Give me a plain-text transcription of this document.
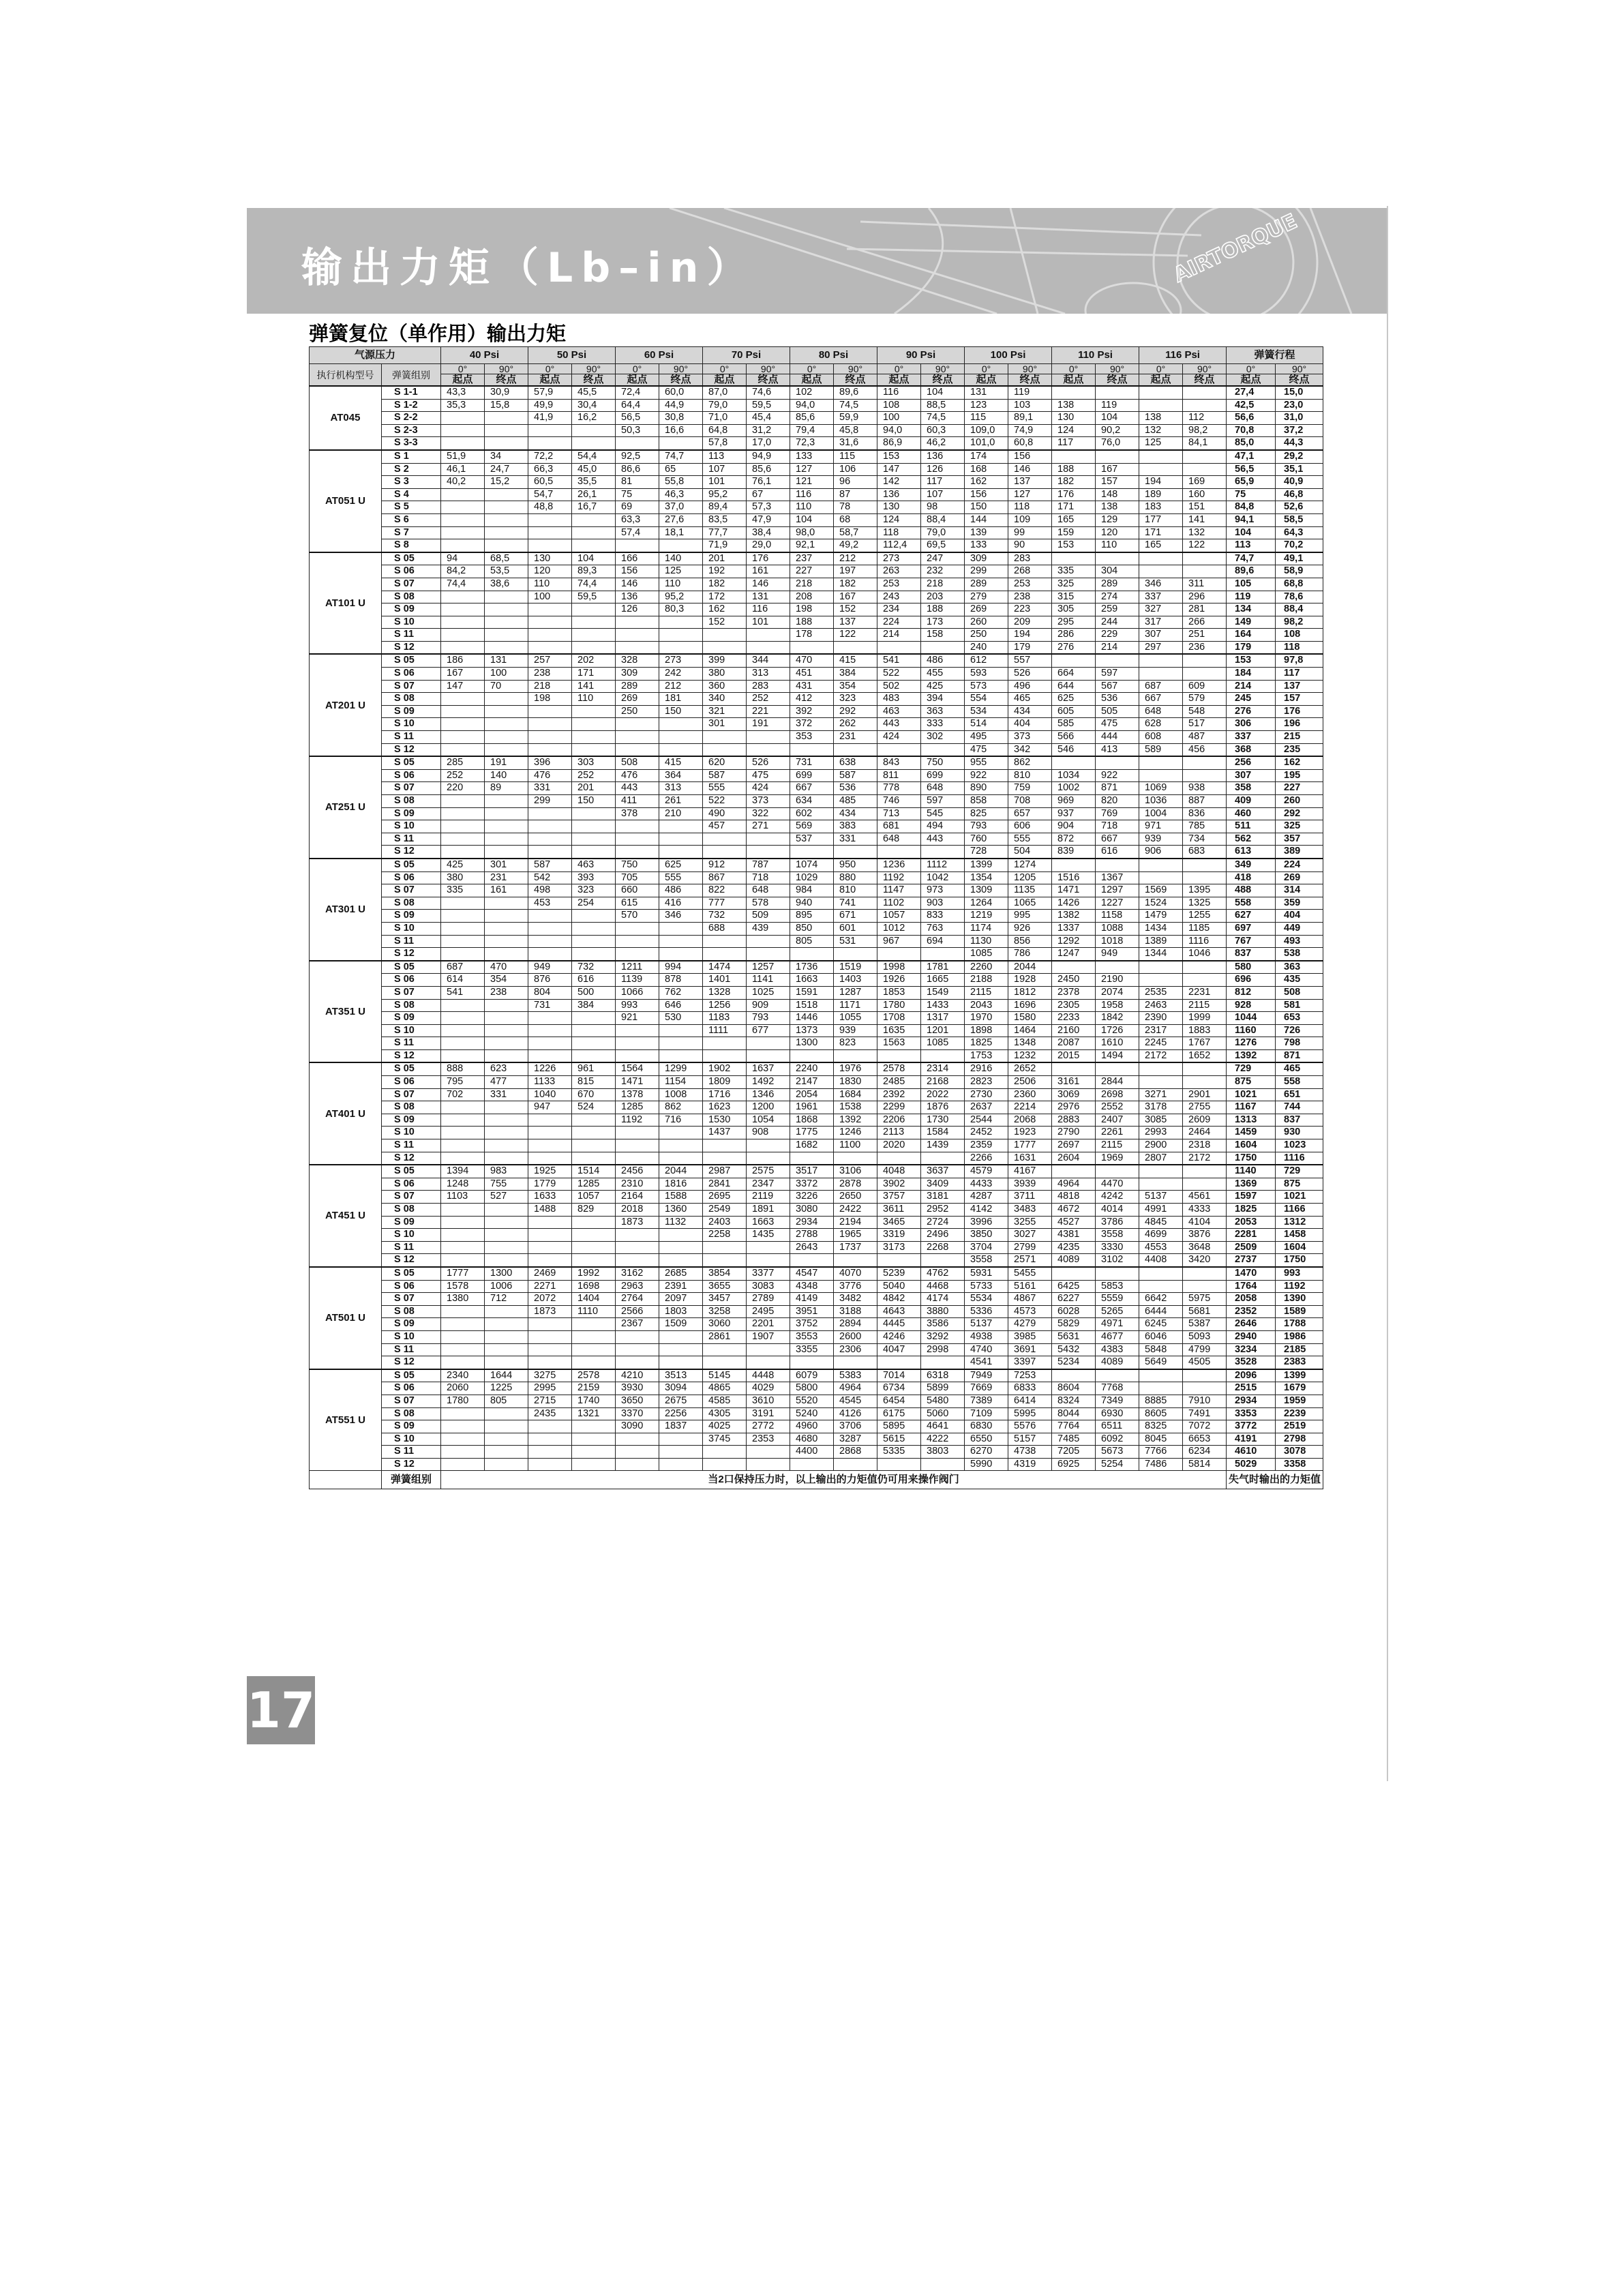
AIRTORQUE
输出力矩（Lb–in）
弹簧复位（单作用）输出力矩
气源压力		40 Psi		50 Psi		60 Psi		70 Psi		80 Psi		90 Psi		100 Psi		110 Psi		116 Psi		弹簧行程	
执行机构型号	弹簧组别	0°	90°	0°	90°	0°	90°	0°	90°	0°	90°	0°	90°	0°	90°	0°	90°	0°	90°	0°	90°
		起点	终点	起点	终点	起点	终点	起点	终点	起点	终点	起点	终点	起点	终点	起点	终点	起点	终点	起点	终点
AT045	S 1-1	43,3	30,9	57,9	45,5	72,4	60,0	87,0	74,6	102	89,6	116	104	131	119					27,4	15,0
	S 1-2	35,3	15,8	49,9	30,4	64,4	44,9	79,0	59,5	94,0	74,5	108	88,5	123	103	138	119			42,5	23,0
	S 2-2			41,9	16,2	56,5	30,8	71,0	45,4	85,6	59,9	100	74,5	115	89,1	130	104	138	112	56,6	31,0
	S 2-3					50,3	16,6	64,8	31,2	79,4	45,8	94,0	60,3	109,0	74,9	124	90,2	132	98,2	70,8	37,2
	S 3-3							57,8	17,0	72,3	31,6	86,9	46,2	101,0	60,8	117	76,0	125	84,1	85,0	44,3
AT051 U	S 1	51,9	34	72,2	54,4	92,5	74,7	113	94,9	133	115	153	136	174	156					47,1	29,2
	S 2	46,1	24,7	66,3	45,0	86,6	65	107	85,6	127	106	147	126	168	146	188	167			56,5	35,1
	S 3	40,2	15,2	60,5	35,5	81	55,8	101	76,1	121	96	142	117	162	137	182	157	194	169	65,9	40,9
	S 4			54,7	26,1	75	46,3	95,2	67	116	87	136	107	156	127	176	148	189	160	75	46,8
	S 5			48,8	16,7	69	37,0	89,4	57,3	110	78	130	98	150	118	171	138	183	151	84,8	52,6
	S 6					63,3	27,6	83,5	47,9	104	68	124	88,4	144	109	165	129	177	141	94,1	58,5
	S 7					57,4	18,1	77,7	38,4	98,0	58,7	118	79,0	139	99	159	120	171	132	104	64,3
	S 8							71,9	29,0	92,1	49,2	112,4	69,5	133	90	153	110	165	122	113	70,2
AT101 U	S 05	94	68,5	130	104	166	140	201	176	237	212	273	247	309	283					74,7	49,1
	S 06	84,2	53,5	120	89,3	156	125	192	161	227	197	263	232	299	268	335	304			89,6	58,9
	S 07	74,4	38,6	110	74,4	146	110	182	146	218	182	253	218	289	253	325	289	346	311	105	68,8
	S 08			100	59,5	136	95,2	172	131	208	167	243	203	279	238	315	274	337	296	119	78,6
	S 09					126	80,3	162	116	198	152	234	188	269	223	305	259	327	281	134	88,4
	S 10							152	101	188	137	224	173	260	209	295	244	317	266	149	98,2
	S 11									178	122	214	158	250	194	286	229	307	251	164	108
	S 12													240	179	276	214	297	236	179	118
AT201 U	S 05	186	131	257	202	328	273	399	344	470	415	541	486	612	557					153	97,8
	S 06	167	100	238	171	309	242	380	313	451	384	522	455	593	526	664	597			184	117
	S 07	147	70	218	141	289	212	360	283	431	354	502	425	573	496	644	567	687	609	214	137
	S 08			198	110	269	181	340	252	412	323	483	394	554	465	625	536	667	579	245	157
	S 09					250	150	321	221	392	292	463	363	534	434	605	505	648	548	276	176
	S 10							301	191	372	262	443	333	514	404	585	475	628	517	306	196
	S 11									353	231	424	302	495	373	566	444	608	487	337	215
	S 12													475	342	546	413	589	456	368	235
AT251 U	S 05	285	191	396	303	508	415	620	526	731	638	843	750	955	862					256	162
	S 06	252	140	476	252	476	364	587	475	699	587	811	699	922	810	1034	922			307	195
	S 07	220	89	331	201	443	313	555	424	667	536	778	648	890	759	1002	871	1069	938	358	227
	S 08			299	150	411	261	522	373	634	485	746	597	858	708	969	820	1036	887	409	260
	S 09					378	210	490	322	602	434	713	545	825	657	937	769	1004	836	460	292
	S 10							457	271	569	383	681	494	793	606	904	718	971	785	511	325
	S 11									537	331	648	443	760	555	872	667	939	734	562	357
	S 12													728	504	839	616	906	683	613	389
AT301 U	S 05	425	301	587	463	750	625	912	787	1074	950	1236	1112	1399	1274					349	224
	S 06	380	231	542	393	705	555	867	718	1029	880	1192	1042	1354	1205	1516	1367			418	269
	S 07	335	161	498	323	660	486	822	648	984	810	1147	973	1309	1135	1471	1297	1569	1395	488	314
	S 08			453	254	615	416	777	578	940	741	1102	903	1264	1065	1426	1227	1524	1325	558	359
	S 09					570	346	732	509	895	671	1057	833	1219	995	1382	1158	1479	1255	627	404
	S 10							688	439	850	601	1012	763	1174	926	1337	1088	1434	1185	697	449
	S 11									805	531	967	694	1130	856	1292	1018	1389	1116	767	493
	S 12													1085	786	1247	949	1344	1046	837	538
AT351 U	S 05	687	470	949	732	1211	994	1474	1257	1736	1519	1998	1781	2260	2044					580	363
	S 06	614	354	876	616	1139	878	1401	1141	1663	1403	1926	1665	2188	1928	2450	2190			696	435
	S 07	541	238	804	500	1066	762	1328	1025	1591	1287	1853	1549	2115	1812	2378	2074	2535	2231	812	508
	S 08			731	384	993	646	1256	909	1518	1171	1780	1433	2043	1696	2305	1958	2463	2115	928	581
	S 09					921	530	1183	793	1446	1055	1708	1317	1970	1580	2233	1842	2390	1999	1044	653
	S 10							1111	677	1373	939	1635	1201	1898	1464	2160	1726	2317	1883	1160	726
	S 11									1300	823	1563	1085	1825	1348	2087	1610	2245	1767	1276	798
	S 12													1753	1232	2015	1494	2172	1652	1392	871
AT401 U	S 05	888	623	1226	961	1564	1299	1902	1637	2240	1976	2578	2314	2916	2652					729	465
	S 06	795	477	1133	815	1471	1154	1809	1492	2147	1830	2485	2168	2823	2506	3161	2844			875	558
	S 07	702	331	1040	670	1378	1008	1716	1346	2054	1684	2392	2022	2730	2360	3069	2698	3271	2901	1021	651
	S 08			947	524	1285	862	1623	1200	1961	1538	2299	1876	2637	2214	2976	2552	3178	2755	1167	744
	S 09					1192	716	1530	1054	1868	1392	2206	1730	2544	2068	2883	2407	3085	2609	1313	837
	S 10							1437	908	1775	1246	2113	1584	2452	1923	2790	2261	2993	2464	1459	930
	S 11									1682	1100	2020	1439	2359	1777	2697	2115	2900	2318	1604	1023
	S 12													2266	1631	2604	1969	2807	2172	1750	1116
AT451 U	S 05	1394	983	1925	1514	2456	2044	2987	2575	3517	3106	4048	3637	4579	4167					1140	729
	S 06	1248	755	1779	1285	2310	1816	2841	2347	3372	2878	3902	3409	4433	3939	4964	4470			1369	875
	S 07	1103	527	1633	1057	2164	1588	2695	2119	3226	2650	3757	3181	4287	3711	4818	4242	5137	4561	1597	1021
	S 08			1488	829	2018	1360	2549	1891	3080	2422	3611	2952	4142	3483	4672	4014	4991	4333	1825	1166
	S 09					1873	1132	2403	1663	2934	2194	3465	2724	3996	3255	4527	3786	4845	4104	2053	1312
	S 10							2258	1435	2788	1965	3319	2496	3850	3027	4381	3558	4699	3876	2281	1458
	S 11									2643	1737	3173	2268	3704	2799	4235	3330	4553	3648	2509	1604
	S 12													3558	2571	4089	3102	4408	3420	2737	1750
AT501 U	S 05	1777	1300	2469	1992	3162	2685	3854	3377	4547	4070	5239	4762	5931	5455					1470	993
	S 06	1578	1006	2271	1698	2963	2391	3655	3083	4348	3776	5040	4468	5733	5161	6425	5853			1764	1192
	S 07	1380	712	2072	1404	2764	2097	3457	2789	4149	3482	4842	4174	5534	4867	6227	5559	6642	5975	2058	1390
	S 08			1873	1110	2566	1803	3258	2495	3951	3188	4643	3880	5336	4573	6028	5265	6444	5681	2352	1589
	S 09					2367	1509	3060	2201	3752	2894	4445	3586	5137	4279	5829	4971	6245	5387	2646	1788
	S 10							2861	1907	3553	2600	4246	3292	4938	3985	5631	4677	6046	5093	2940	1986
	S 11									3355	2306	4047	2998	4740	3691	5432	4383	5848	4799	3234	2185
	S 12													4541	3397	5234	4089	5649	4505	3528	2383
AT551 U	S 05	2340	1644	3275	2578	4210	3513	5145	4448	6079	5383	7014	6318	7949	7253					2096	1399
	S 06	2060	1225	2995	2159	3930	3094	4865	4029	5800	4964	6734	5899	7669	6833	8604	7768			2515	1679
	S 07	1780	805	2715	1740	3650	2675	4585	3610	5520	4545	6454	5480	7389	6414	8324	7349	8885	7910	2934	1959
	S 08			2435	1321	3370	2256	4305	3191	5240	4126	6175	5060	7109	5995	8044	6930	8605	7491	3353	2239
	S 09					3090	1837	4025	2772	4960	3706	5895	4641	6830	5576	7764	6511	8325	7072	3772	2519
	S 10							3745	2353	4680	3287	5615	4222	6550	5157	7485	6092	8045	6653	4191	2798
	S 11									4400	2868	5335	3803	6270	4738	7205	5673	7766	6234	4610	3078
	S 12													5990	4319	6925	5254	7486	5814	5029	3358
	弹簧组别	当2口保持压力时，以上输出的力矩值仍可用来操作阀门																		失气时输出的力矩值	
17
